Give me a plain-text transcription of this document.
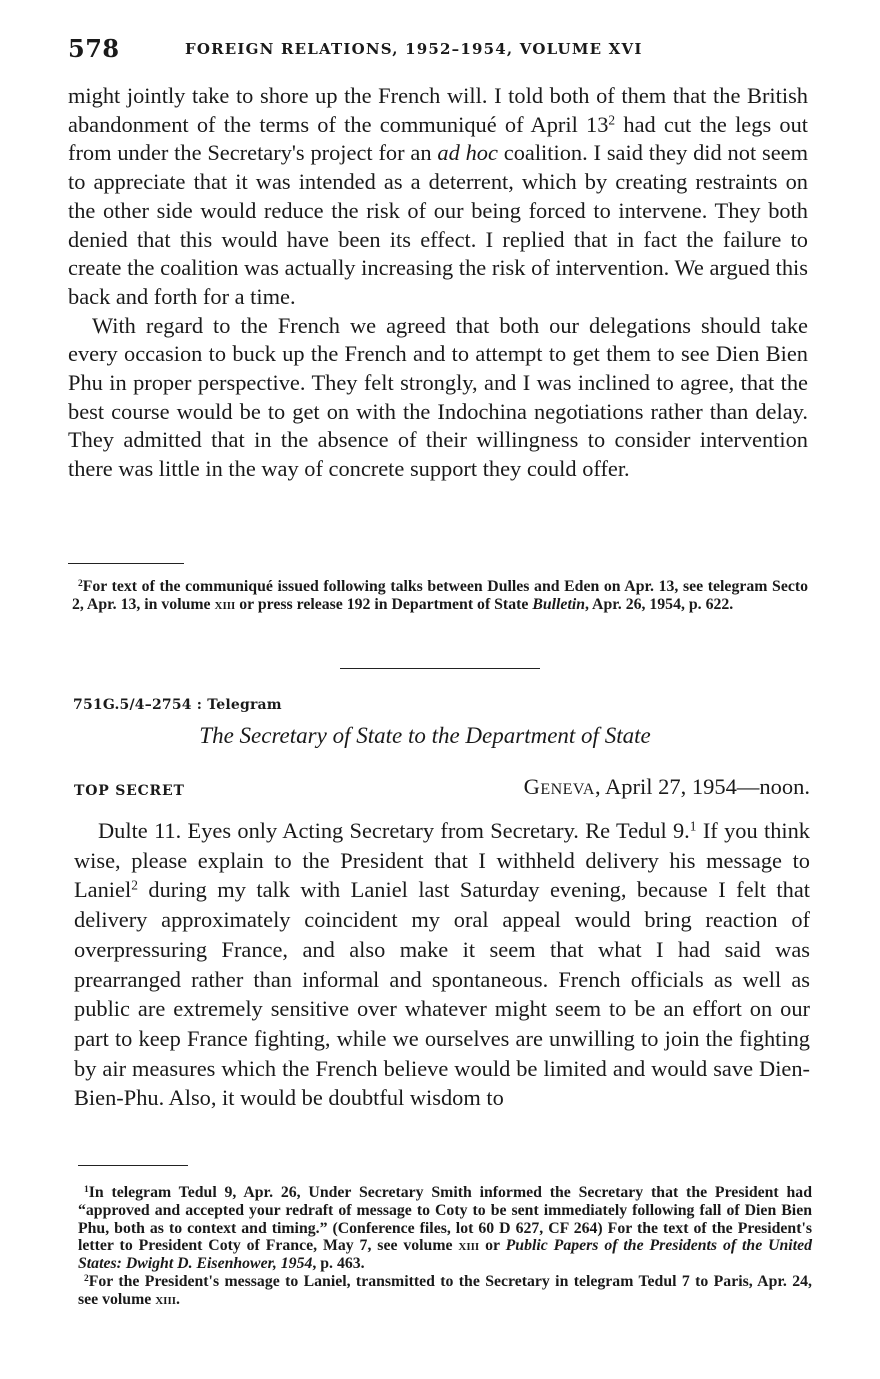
578	FOREIGN RELATIONS, 1952–1954, VOLUME XVI

might jointly take to shore up the French will. I told both of them that the British abandonment of the terms of the communiqué of April $13^2$ had cut the legs out from under the Secretary's project for an ad hoc coalition. I said they did not seem to appreciate that it was intended as a deterrent, which by creating restraints on the other side would reduce the risk of our being forced to intervene. They both denied that this would have been its effect. I replied that in fact the failure to create the coalition was actually increasing the risk of intervention. We argued this back and forth for a time.

With regard to the French we agreed that both our delegations should take every occasion to buck up the French and to attempt to get them to see Dien Bien Phu in proper perspective. They felt strongly, and I was inclined to agree, that the best course would be to get on with the Indochina negotiations rather than delay. They admitted that in the absence of their willingness to consider intervention there was little in the way of concrete support they could offer.

$^2$For text of the communiqué issued following talks between Dulles and Eden on Apr. 13, see telegram Secto 2, Apr. 13, in volume xiii or press release 192 in Department of State Bulletin, Apr. 26, 1954, p. 622.

751G.5/4–2754 : Telegram
The Secretary of State to the Department of State
TOP SECRET	Geneva, April 27, 1954—noon.

Dulte 11. Eyes only Acting Secretary from Secretary. Re Tedul 9.$^1$ If you think wise, please explain to the President that I withheld delivery his message to Laniel$^2$ during my talk with Laniel last Saturday evening, because I felt that delivery approximately coincident my oral appeal would bring reaction of overpressuring France, and also make it seem that what I had said was prearranged rather than informal and spontaneous. French officials as well as public are extremely sensitive over whatever might seem to be an effort on our part to keep France fighting, while we ourselves are unwilling to join the fighting by air measures which the French believe would be limited and would save Dien-Bien-Phu. Also, it would be doubtful wisdom to

$^1$In telegram Tedul 9, Apr. 26, Under Secretary Smith informed the Secretary that the President had “approved and accepted your redraft of message to Coty to be sent immediately following fall of Dien Bien Phu, both as to context and timing.” (Conference files, lot 60 D 627, CF 264) For the text of the President's letter to President Coty of France, May 7, see volume xiii or Public Papers of the Presidents of the United States: Dwight D. Eisenhower, 1954, p. 463.

$^2$For the President's message to Laniel, transmitted to the Secretary in telegram Tedul 7 to Paris, Apr. 24, see volume xiii.
